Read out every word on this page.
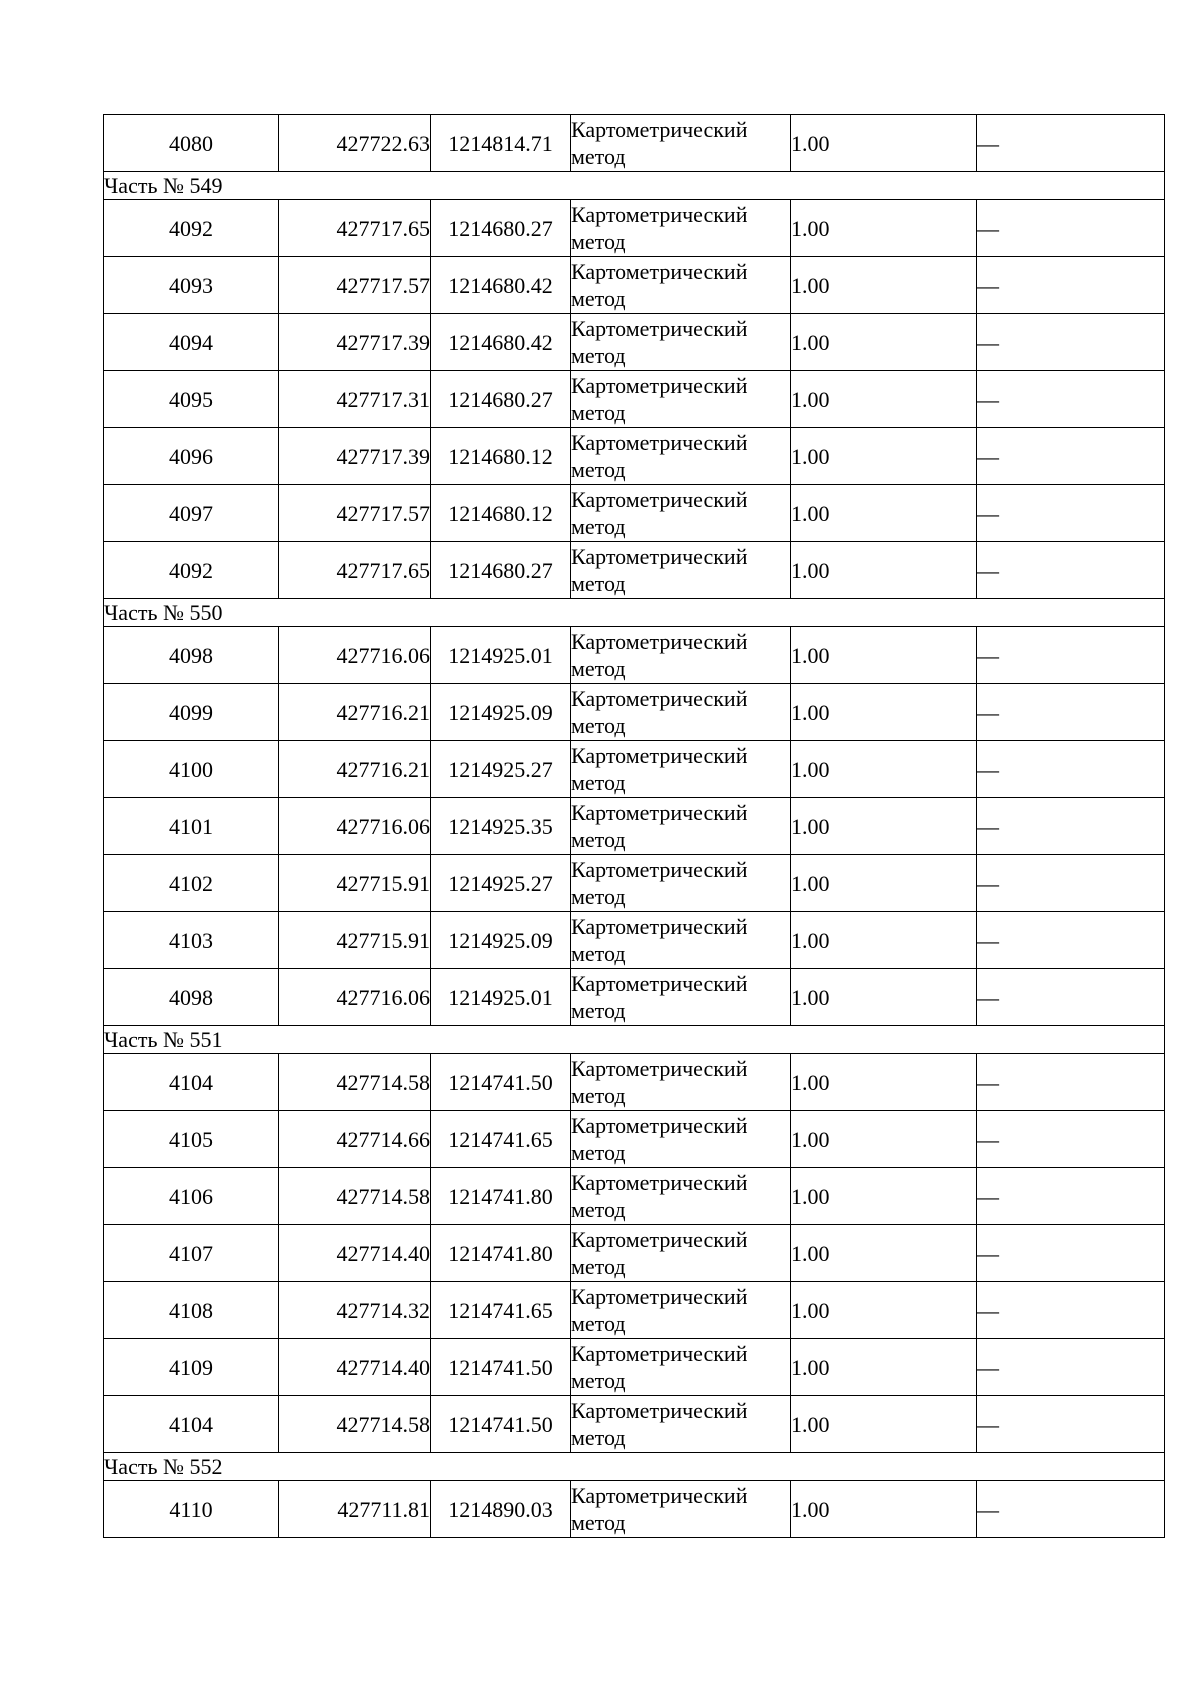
4080	427722.63	1214814.71	Картометрический
метод	1.00	—
Часть № 549					
4092	427717.65	1214680.27	Картометрический
метод	1.00	—
4093	427717.57	1214680.42	Картометрический
метод	1.00	—
4094	427717.39	1214680.42	Картометрический
метод	1.00	—
4095	427717.31	1214680.27	Картометрический
метод	1.00	—
4096	427717.39	1214680.12	Картометрический
метод	1.00	—
4097	427717.57	1214680.12	Картометрический
метод	1.00	—
4092	427717.65	1214680.27	Картометрический
метод	1.00	—
Часть № 550					
4098	427716.06	1214925.01	Картометрический
метод	1.00	—
4099	427716.21	1214925.09	Картометрический
метод	1.00	—
4100	427716.21	1214925.27	Картометрический
метод	1.00	—
4101	427716.06	1214925.35	Картометрический
метод	1.00	—
4102	427715.91	1214925.27	Картометрический
метод	1.00	—
4103	427715.91	1214925.09	Картометрический
метод	1.00	—
4098	427716.06	1214925.01	Картометрический
метод	1.00	—
Часть № 551					
4104	427714.58	1214741.50	Картометрический
метод	1.00	—
4105	427714.66	1214741.65	Картометрический
метод	1.00	—
4106	427714.58	1214741.80	Картометрический
метод	1.00	—
4107	427714.40	1214741.80	Картометрический
метод	1.00	—
4108	427714.32	1214741.65	Картометрический
метод	1.00	—
4109	427714.40	1214741.50	Картометрический
метод	1.00	—
4104	427714.58	1214741.50	Картометрический
метод	1.00	—
Часть № 552					
4110	427711.81	1214890.03	Картометрический
метод	1.00	—
